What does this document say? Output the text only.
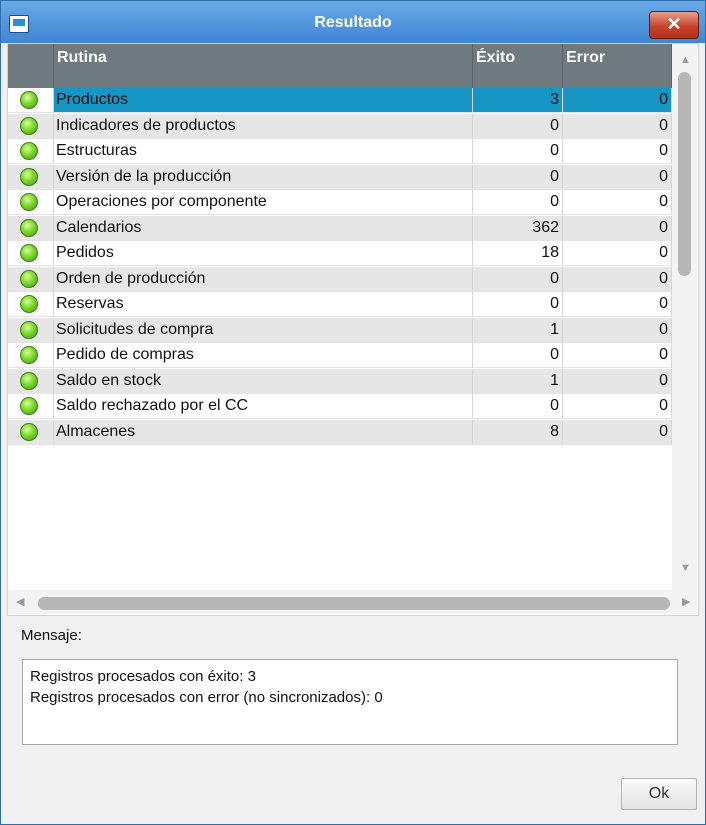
Resultado	✕
Rutina	Éxito	Error
Productos	3	0
Indicadores de productos	0	0
Estructuras	0	0
Versión de la producción	0	0
Operaciones por componente	0	0
Calendarios	362	0
Pedidos	18	0
Orden de producción	0	0
Reservas	0	0
Solicitudes de compra	1	0
Pedido de compras	0	0
Saldo en stock	1	0
Saldo rechazado por el CC	0	0
Almacenes	8	0
▲
▼
◀	▶
Mensaje:
Registros procesados con éxito: 3
Registros procesados con error (no sincronizados): 0
Ok
